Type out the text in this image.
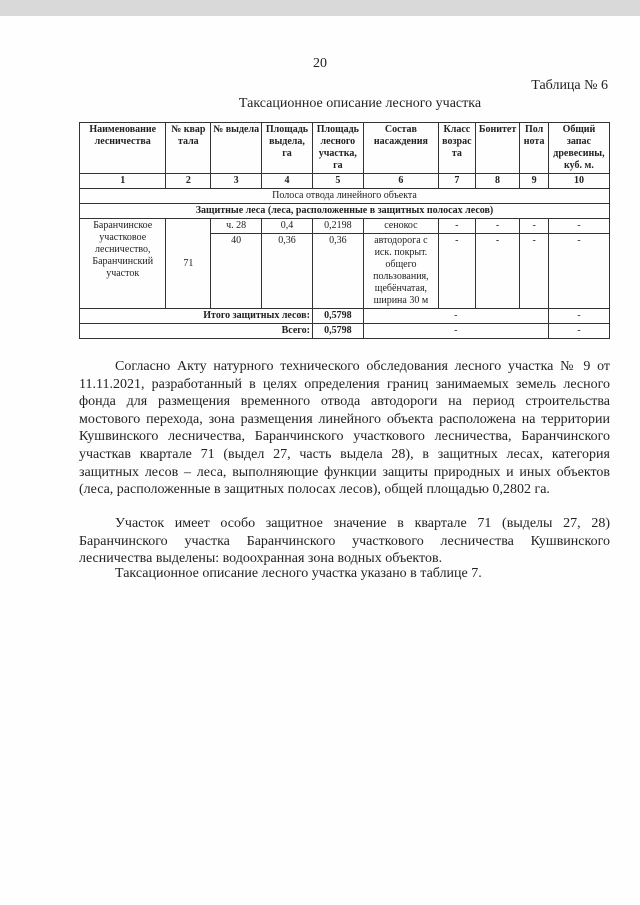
20
Таблица № 6
Таксационное описание лесного участка
Наименование лесничества	№ квар тала	№ выдела	Площадь выдела, га	Площадь лесного участка, га	Состав насаждения	Класс возрас та	Бонитет	Пол нота	Общий запас древесины, куб. м.
1	2	3	4	5	6	7	8	9	10
Полоса отвода линейного объекта									
Защитные леса (леса, расположенные в защитных полосах лесов)									
Баранчинское участковое лесничество, Баранчинский участок	71	ч. 28	0,4	0,2198	сенокос	-	-	-	-
		40	0,36	0,36	автодорога с иск. покрыт. общего пользования, щебёнчатая, ширина 30 м	-	-	-	-
Итого защитных лесов:				0,5798	-				-
Всего:				0,5798	-				-
Согласно Акту натурного технического обследования лесного участка № 9 от 11.11.2021, разработанный в целях определения границ занимаемых земель лесного фонда для размещения временного отвода автодороги на период строительства мостового перехода, зона размещения линейного объекта расположена на территории Кушвинского лесничества, Баранчинского участкового лесничества, Баранчинского участкав квартале 71 (выдел 27, часть выдела 28), в защитных лесах, категория защитных лесов – леса, выполняющие функции защиты природных и иных объектов (леса, расположенные в защитных полосах лесов), общей площадью 0,2802 га.
Участок имеет особо защитное значение в квартале 71 (выделы 27, 28) Баранчинского участка Баранчинского участкового лесничества Кушвинского лесничества выделены: водоохранная зона водных объектов.
Таксационное описание лесного участка указано в таблице 7.
